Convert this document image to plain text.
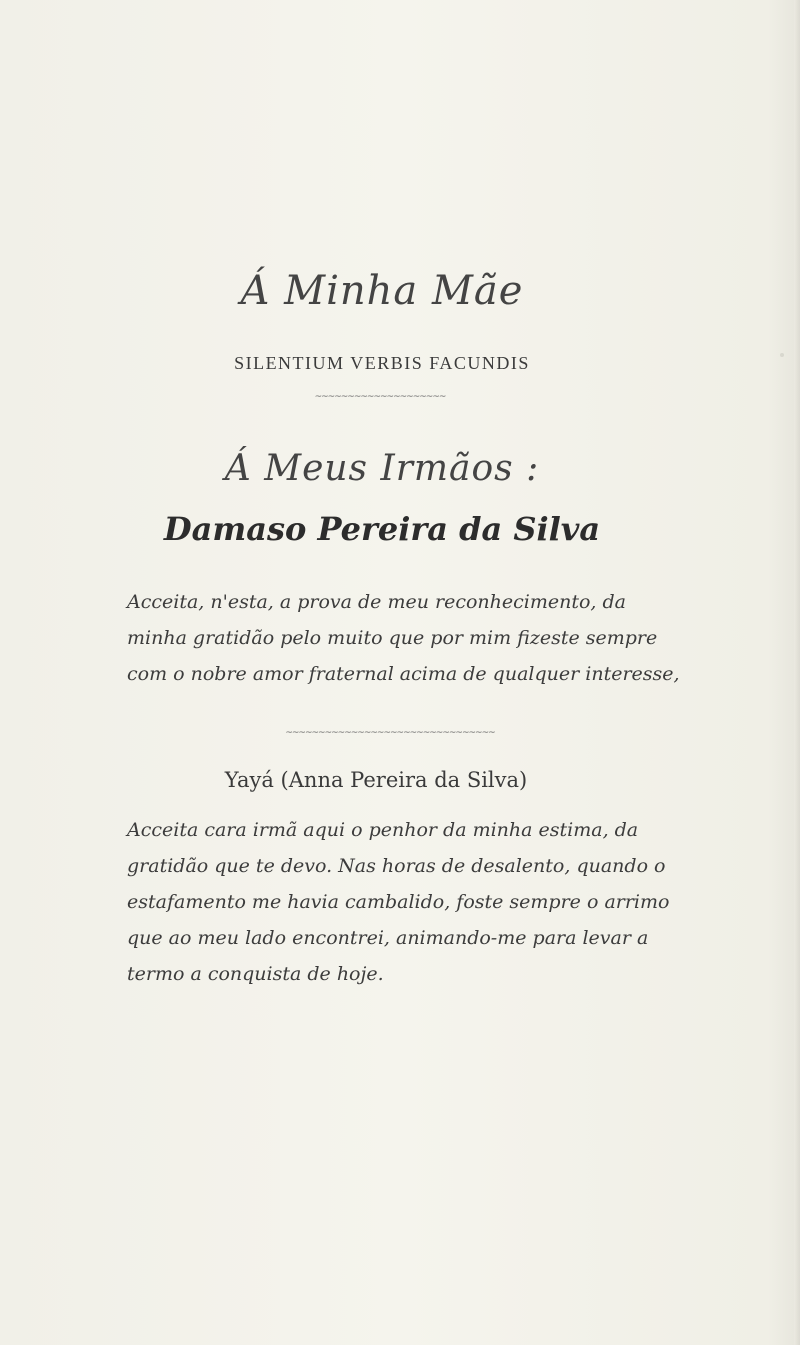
Á Minha Mãe
SILENTIUM VERBIS FACUNDIS
~~~~~~~~~~~~~~~~~~~~
Á Meus Irmãos :
Damaso Pereira da Silva

Acceita, n'esta, a prova de meu reconhecimento, da minha gratidão pelo muito que por mim fizeste sempre com o nobre amor fraternal acima de qualquer interesse,

~~~~~~~~~~~~~~~~~~~~~~~~~~~~~~~~
Yayá (Anna Pereira da Silva)

Acceita cara irmã aqui o penhor da minha estima, da gratidão que te devo. Nas horas de desalento, quando o estafamento me havia cambalido, foste sempre o arrimo que ao meu lado encontrei, animando-me para levar a termo a conquista de hoje.
